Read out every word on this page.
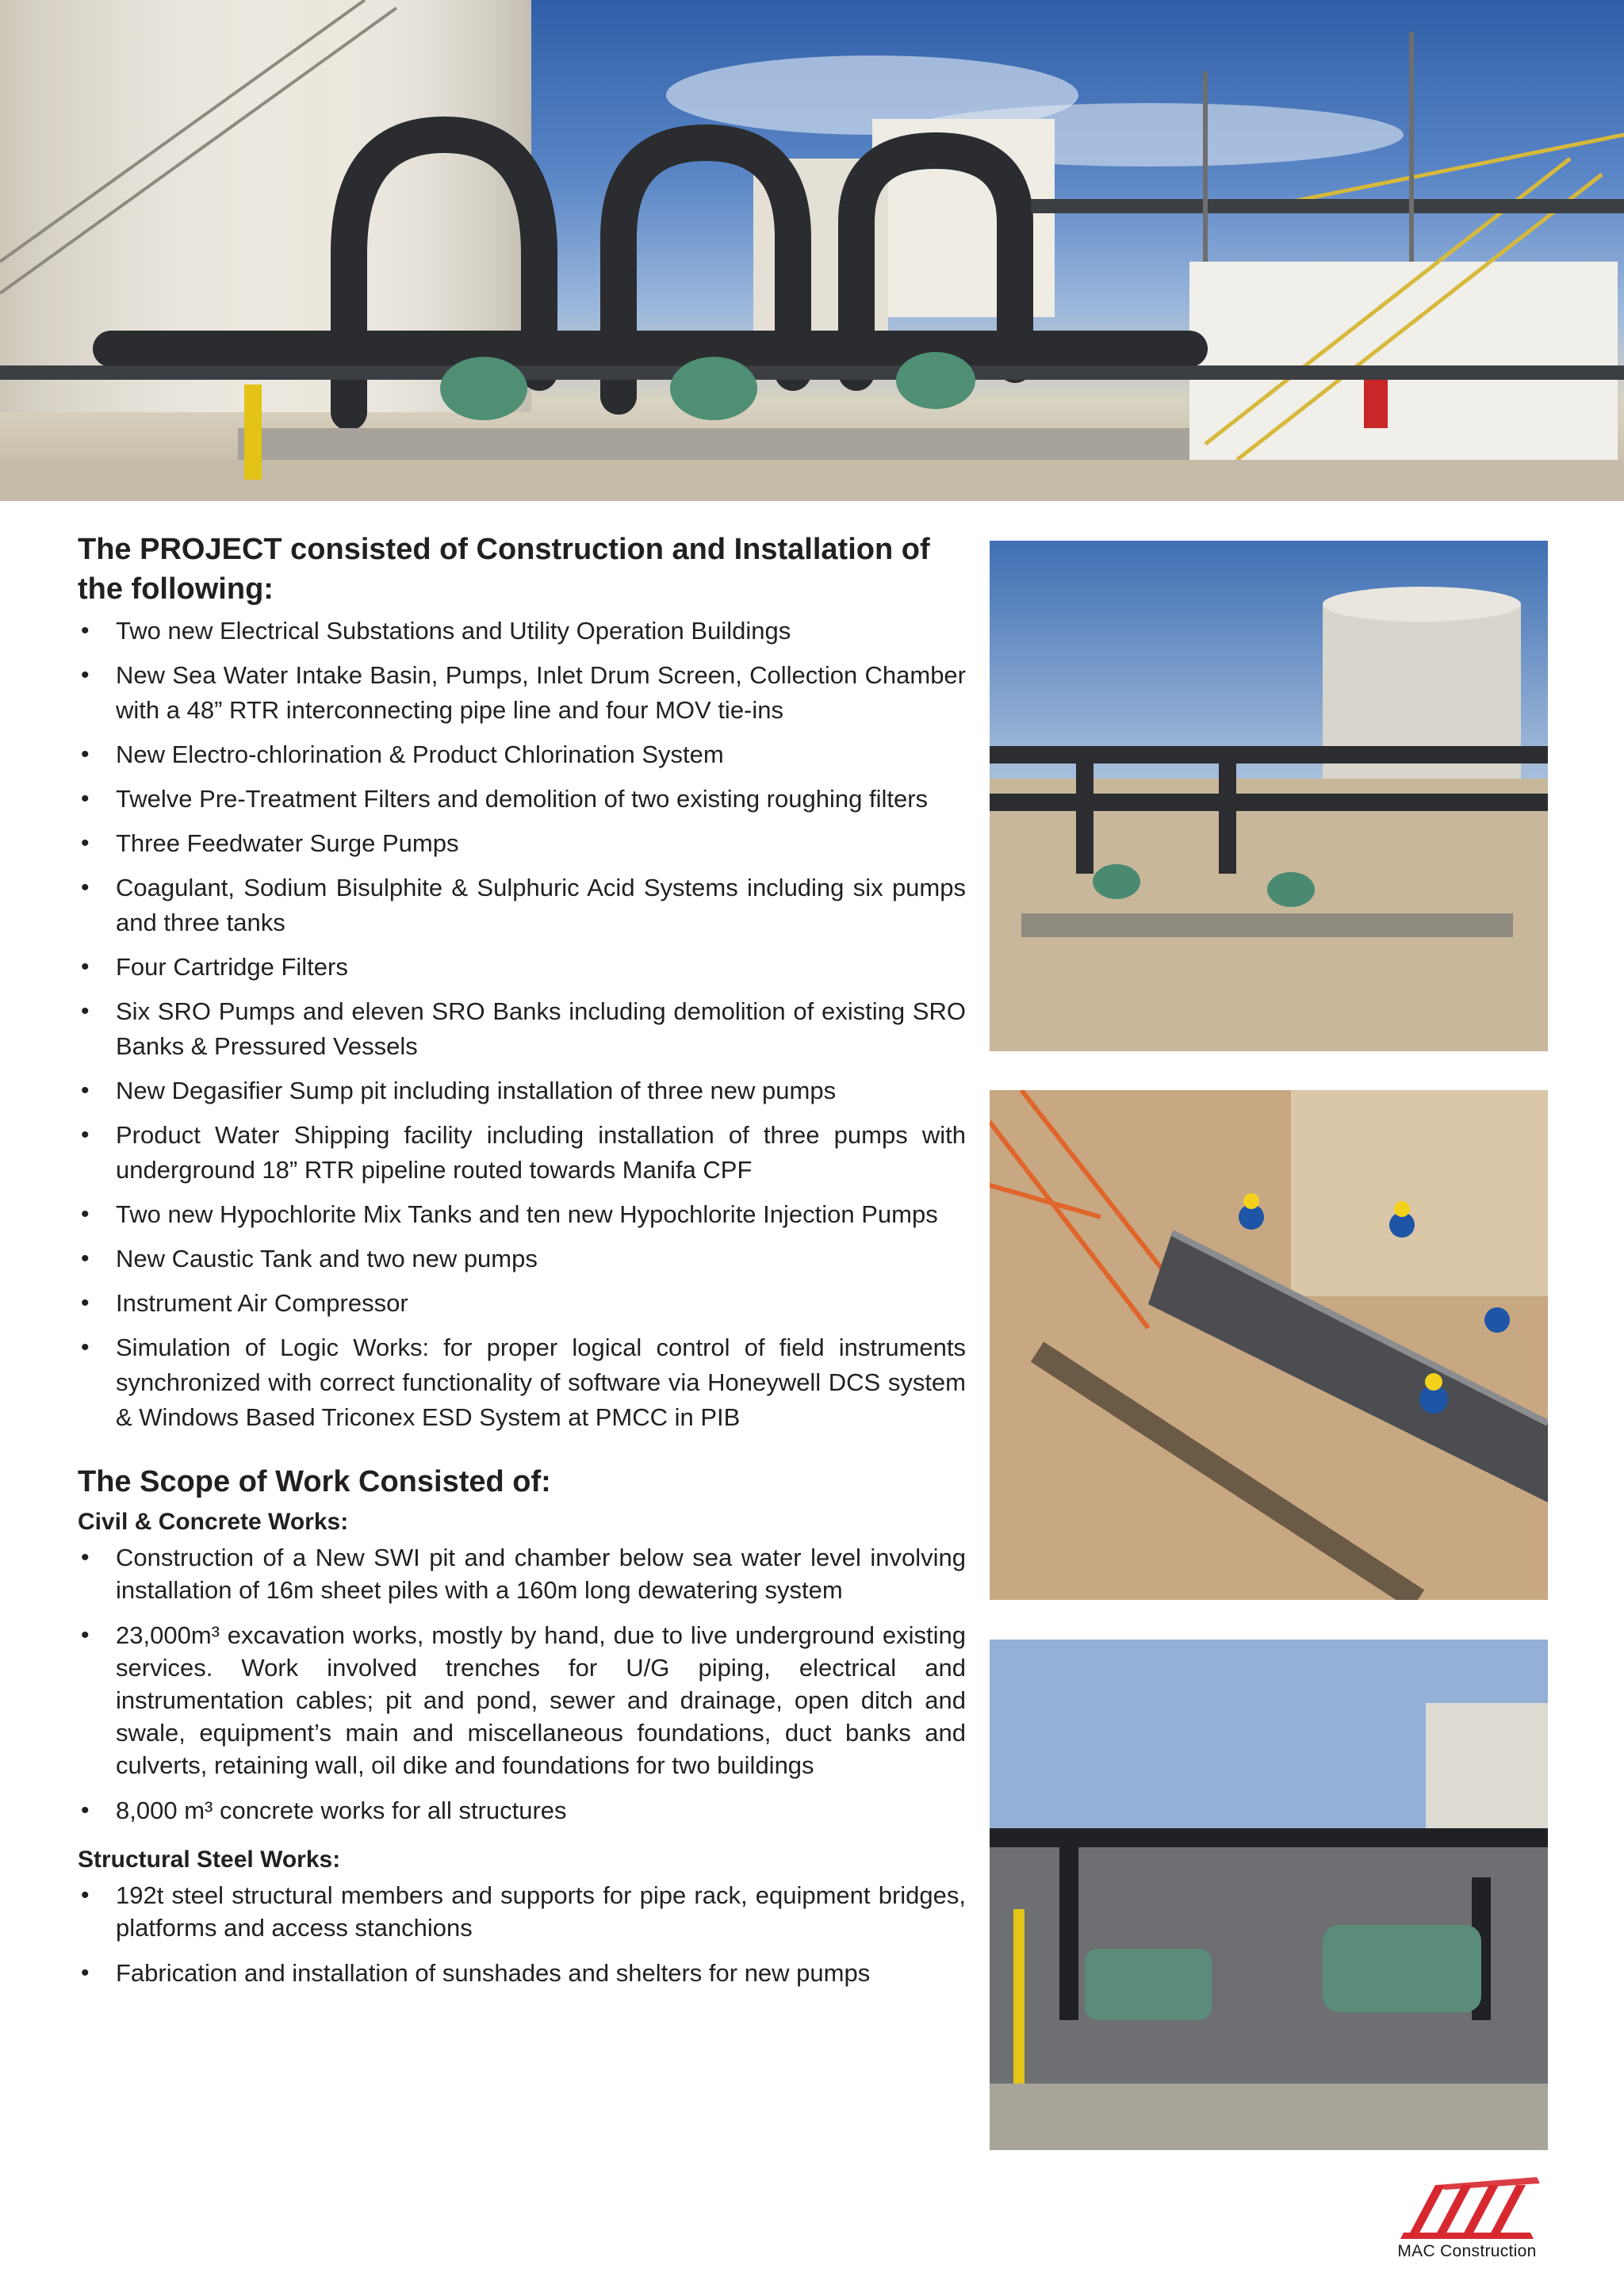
The PROJECT consisted of Construction and Installation of the following:
• Two new Electrical Substations and Utility Operation Buildings
• New Sea Water Intake Basin, Pumps, Inlet Drum Screen, Collection Chamber with a 48” RTR interconnecting pipe line and four MOV tie-ins
• New Electro-chlorination & Product Chlorination System
• Twelve Pre-Treatment Filters and demolition of two existing roughing filters
• Three Feedwater Surge Pumps
• Coagulant, Sodium Bisulphite & Sulphuric Acid Systems including six pumps and three tanks
• Four Cartridge Filters
• Six SRO Pumps and eleven SRO Banks including demolition of existing SRO Banks & Pressured Vessels
• New Degasifier Sump pit including installation of three new pumps
• Product Water Shipping facility including installation of three pumps with underground 18” RTR pipeline routed towards Manifa CPF
• Two new Hypochlorite Mix Tanks and ten new Hypochlorite Injection Pumps
• New Caustic Tank and two new pumps
• Instrument Air Compressor
• Simulation of Logic Works: for proper logical control of field instruments synchronized with correct functionality of software via Honeywell DCS system & Windows Based Triconex ESD System at PMCC in PIB
The Scope of Work Consisted of:
Civil & Concrete Works:
• Construction of a New SWI pit and chamber below sea water level involving installation of 16m sheet piles with a 160m long dewatering system
• 23,000m³ excavation works, mostly by hand, due to live underground existing services. Work involved trenches for U/G piping, electrical and instrumentation cables; pit and pond, sewer and drainage, open ditch and swale, equipment’s main and miscellaneous foundations, duct banks and culverts, retaining wall, oil dike and foundations for two buildings
• 8,000 m³ concrete works for all structures
Structural Steel Works:
• 192t steel structural members and supports for pipe rack, equipment bridges, platforms and access stanchions
• Fabrication and installation of sunshades and shelters for new pumps
MAC Construction
